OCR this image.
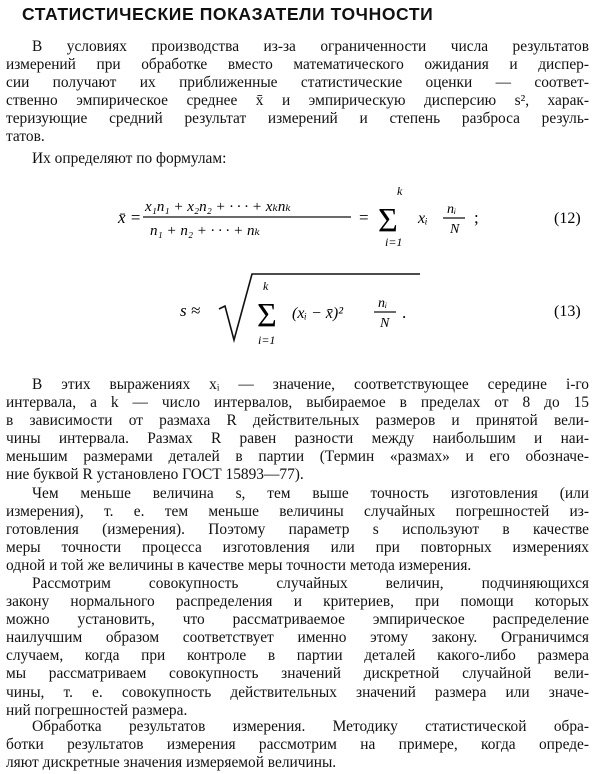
СТАТИСТИЧЕСКИЕ ПОКАЗАТЕЛИ ТОЧНОСТИ

В условиях производства из-за ограниченности числа результатов

измерений при обработке вместо математического ожидания и диспер-

сии получают их приближенные статистические оценки — соответ-

ственно эмпирическое среднее x̄ и эмпирическую дисперсию s², харак-

теризующие средний результат измерений и степень разброса резуль-

татов.

Их определяют по формулам:

x̄ =
x₁n₁ + x₂n₂ + · · · + xₖnₖ
n₁ + n₂ + · · · + nₖ
=
k
Σ
i=1
xᵢ
nᵢ
N
;	(12)
s ≈
k
Σ
i=1
(xᵢ − x̄)²
nᵢ
N
.	(13)

В этих выражениях xᵢ — значение, соответствующее середине i-го

интервала, а k — число интервалов, выбираемое в пределах от 8 до 15

в зависимости от размаха R действительных размеров и принятой вели-

чины интервала. Размах R равен разности между наибольшим и наи-

меньшим размерами деталей в партии (Термин «размах» и его обозначе-

ние буквой R установлено ГОСТ 15893—77).

Чем меньше величина s, тем выше точность изготовления (или

измерения), т. е. тем меньше величины случайных погрешностей из-

готовления (измерения). Поэтому параметр s используют в качестве

меры точности процесса изготовления или при повторных измерениях

одной и той же величины в качестве меры точности метода измерения.

Рассмотрим совокупность случайных величин, подчиняющихся

закону нормального распределения и критериев, при помощи которых

можно установить, что рассматриваемое эмпирическое распределение

наилучшим образом соответствует именно этому закону. Ограничимся

случаем, когда при контроле в партии деталей какого-либо размера

мы рассматриваем совокупность значений дискретной случайной вели-

чины, т. е. совокупность действительных значений размера или значе-

ний погрешностей размера.

Обработка результатов измерения. Методику статистической обра-

ботки результатов измерения рассмотрим на примере, когда опреде-

ляют дискретные значения измеряемой величины.
